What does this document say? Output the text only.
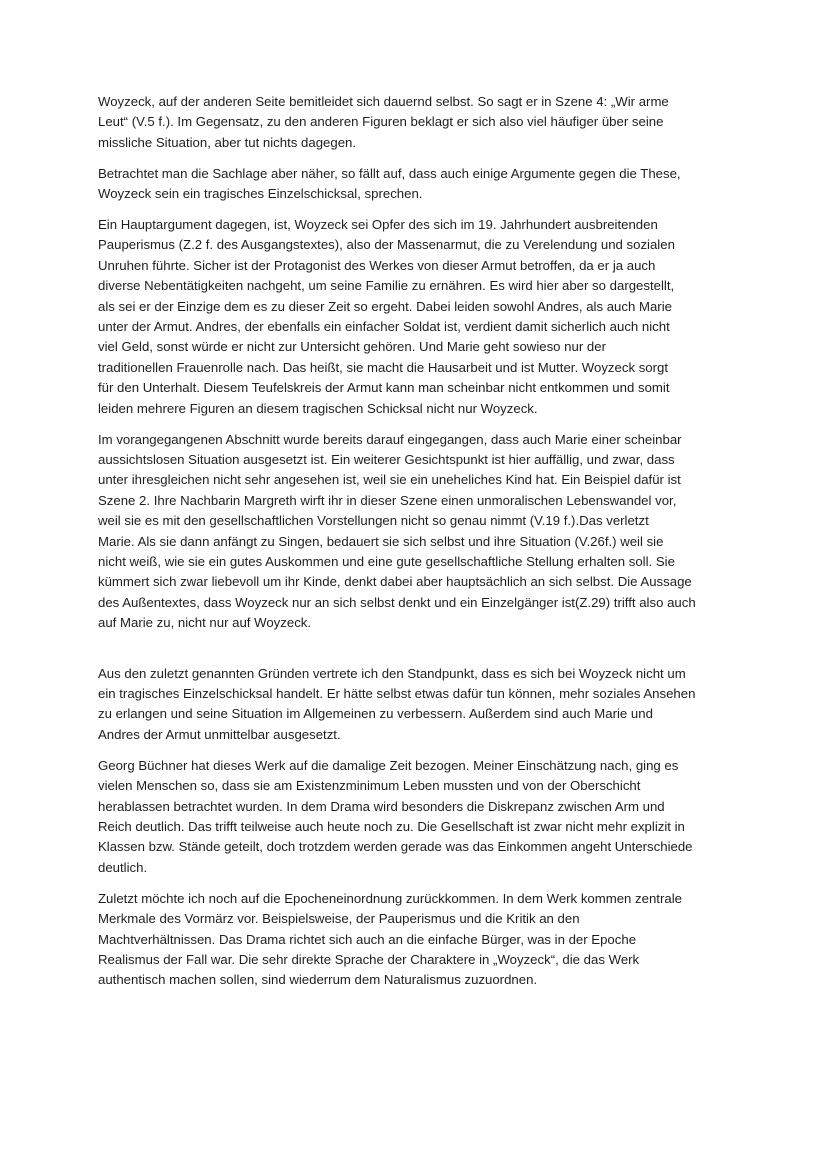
Woyzeck, auf der anderen Seite bemitleidet sich dauernd selbst. So sagt er in Szene 4: „Wir arme
Leut“ (V.5 f.). Im Gegensatz, zu den anderen Figuren beklagt er sich also viel häufiger über seine
missliche Situation, aber tut nichts dagegen.
Betrachtet man die Sachlage aber näher, so fällt auf, dass auch einige Argumente gegen die These,
Woyzeck sein ein tragisches Einzelschicksal, sprechen.
Ein Hauptargument dagegen, ist, Woyzeck sei Opfer des sich im 19. Jahrhundert ausbreitenden
Pauperismus (Z.2 f. des Ausgangstextes), also der Massenarmut, die zu Verelendung und sozialen
Unruhen führte. Sicher ist der Protagonist des Werkes von dieser Armut betroffen, da er ja auch
diverse Nebentätigkeiten nachgeht, um seine Familie zu ernähren. Es wird hier aber so dargestellt,
als sei er der Einzige dem es zu dieser Zeit so ergeht. Dabei leiden sowohl Andres, als auch Marie
unter der Armut. Andres, der ebenfalls ein einfacher Soldat ist, verdient damit sicherlich auch nicht
viel Geld, sonst würde er nicht zur Untersicht gehören. Und Marie geht sowieso nur der
traditionellen Frauenrolle nach. Das heißt, sie macht die Hausarbeit und ist Mutter. Woyzeck sorgt
für den Unterhalt. Diesem Teufelskreis der Armut kann man scheinbar nicht entkommen und somit
leiden mehrere Figuren an diesem tragischen Schicksal nicht nur Woyzeck.
Im vorangegangenen Abschnitt wurde bereits darauf eingegangen, dass auch Marie einer scheinbar
aussichtslosen Situation ausgesetzt ist. Ein weiterer Gesichtspunkt ist hier auffällig, und zwar, dass
unter ihresgleichen nicht sehr angesehen ist, weil sie ein uneheliches Kind hat. Ein Beispiel dafür ist
Szene 2. Ihre Nachbarin Margreth wirft ihr in dieser Szene einen unmoralischen Lebenswandel vor,
weil sie es mit den gesellschaftlichen Vorstellungen nicht so genau nimmt (V.19 f.).Das verletzt
Marie. Als sie dann anfängt zu Singen, bedauert sie sich selbst und ihre Situation (V.26f.) weil sie
nicht weiß, wie sie ein gutes Auskommen und eine gute gesellschaftliche Stellung erhalten soll. Sie
kümmert sich zwar liebevoll um ihr Kinde, denkt dabei aber hauptsächlich an sich selbst. Die Aussage
des Außentextes, dass Woyzeck nur an sich selbst denkt und ein Einzelgänger ist(Z.29) trifft also auch
auf Marie zu, nicht nur auf Woyzeck.
Aus den zuletzt genannten Gründen vertrete ich den Standpunkt, dass es sich bei Woyzeck nicht um
ein tragisches Einzelschicksal handelt. Er hätte selbst etwas dafür tun können, mehr soziales Ansehen
zu erlangen und seine Situation im Allgemeinen zu verbessern. Außerdem sind auch Marie und
Andres der Armut unmittelbar ausgesetzt.
Georg Büchner hat dieses Werk auf die damalige Zeit bezogen. Meiner Einschätzung nach, ging es
vielen Menschen so, dass sie am Existenzminimum Leben mussten und von der Oberschicht
herablassen betrachtet wurden. In dem Drama wird besonders die Diskrepanz zwischen Arm und
Reich deutlich. Das trifft teilweise auch heute noch zu. Die Gesellschaft ist zwar nicht mehr explizit in
Klassen bzw. Stände geteilt, doch trotzdem werden gerade was das Einkommen angeht Unterschiede
deutlich.
Zuletzt möchte ich noch auf die Epocheneinordnung zurückkommen. In dem Werk kommen zentrale
Merkmale des Vormärz vor. Beispielsweise, der Pauperismus und die Kritik an den
Machtverhältnissen. Das Drama richtet sich auch an die einfache Bürger, was in der Epoche
Realismus der Fall war. Die sehr direkte Sprache der Charaktere in „Woyzeck“, die das Werk
authentisch machen sollen, sind wiederrum dem Naturalismus zuzuordnen.
